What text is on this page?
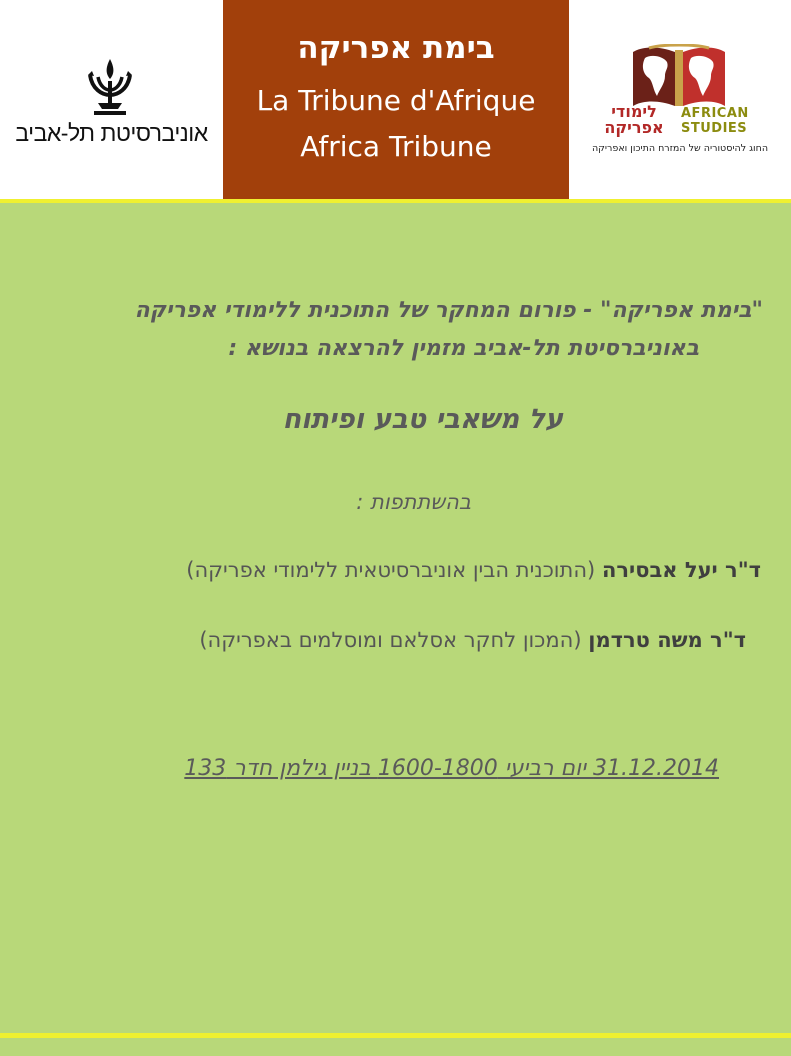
אוניברסיטת תל-אביב
בימת אפריקה
La Tribune d'Afrique
Africa Tribune
לימודי אפריקה
AFRICAN
STUDIES
החוג להיסטוריה של המזרח התיכון ואפריקה
"בימת אפריקה" - פורום המחקר של התוכנית ללימודי אפריקה
באוניברסיטת תל-אביב מזמין להרצאה בנושא :
על משאבי טבע ופיתוח
בהשתתפות :
ד"ר יעל אבסירה (התוכנית הבין אוניברסיטאית ללימודי אפריקה)
ד"ר משה טרדמן (המכון לחקר אסלאם ומוסלמים באפריקה)
31.12.2014 יום רביעי 1600-1800 בניין גילמן חדר 133
